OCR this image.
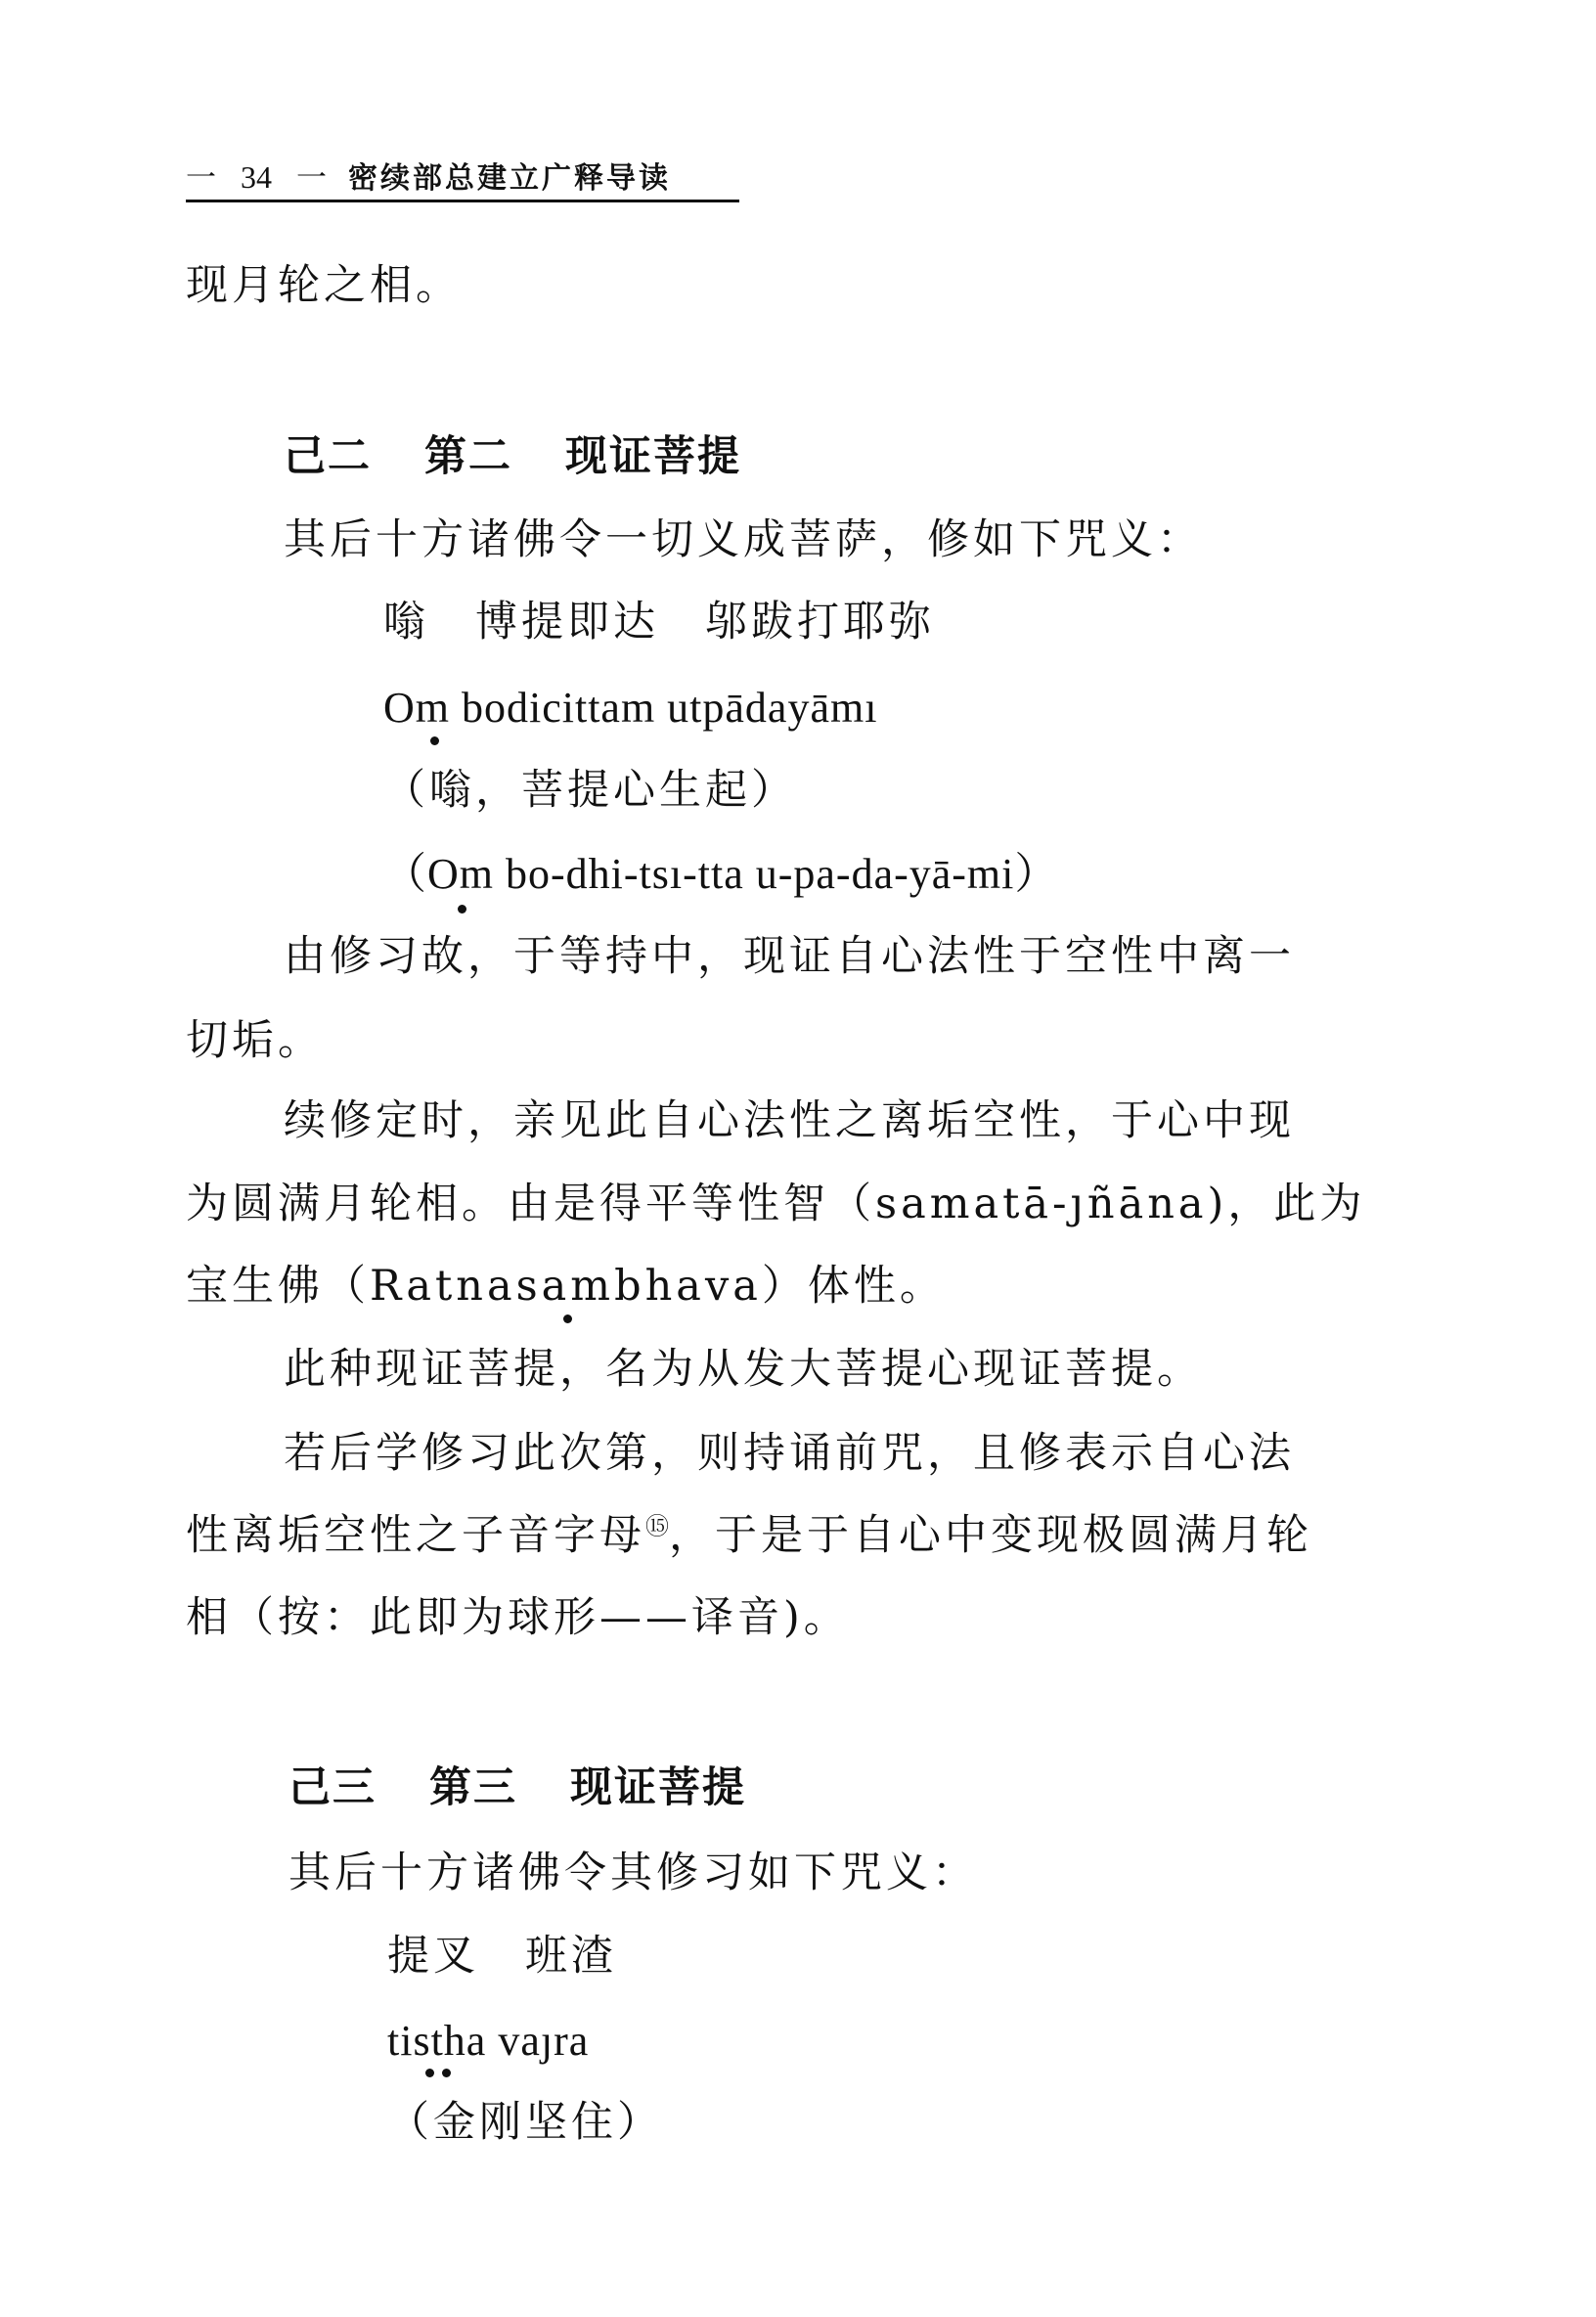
一 34 一 密续部总建立广释导读
现月轮之相。
己二 第二 现证菩提
其后十方诸佛令一切义成菩萨，修如下咒义：
嗡　博提即达　邬跋打耶弥
Om bodicittam utpādayāmı
（嗡，菩提心生起）
（Om bo-dhi-tsı-tta u-pa-da-yā-mi）
由修习故，于等持中，现证自心法性于空性中离一
切垢。
续修定时，亲见此自心法性之离垢空性，于心中现
为圆满月轮相。由是得平等性智（samatā-ȷñāna)，此为
宝生佛（Ratnasambhava）体性。
此种现证菩提，名为从发大菩提心现证菩提。
若后学修习此次第，则持诵前咒，且修表示自心法
性离垢空性之子音字母⑮，于是于自心中变现极圆满月轮
相（按：此即为球形——译音)。
己三 第三 现证菩提
其后十方诸佛令其修习如下咒义：
提叉　班渣
tistha vaȷra
（金刚坚住）
